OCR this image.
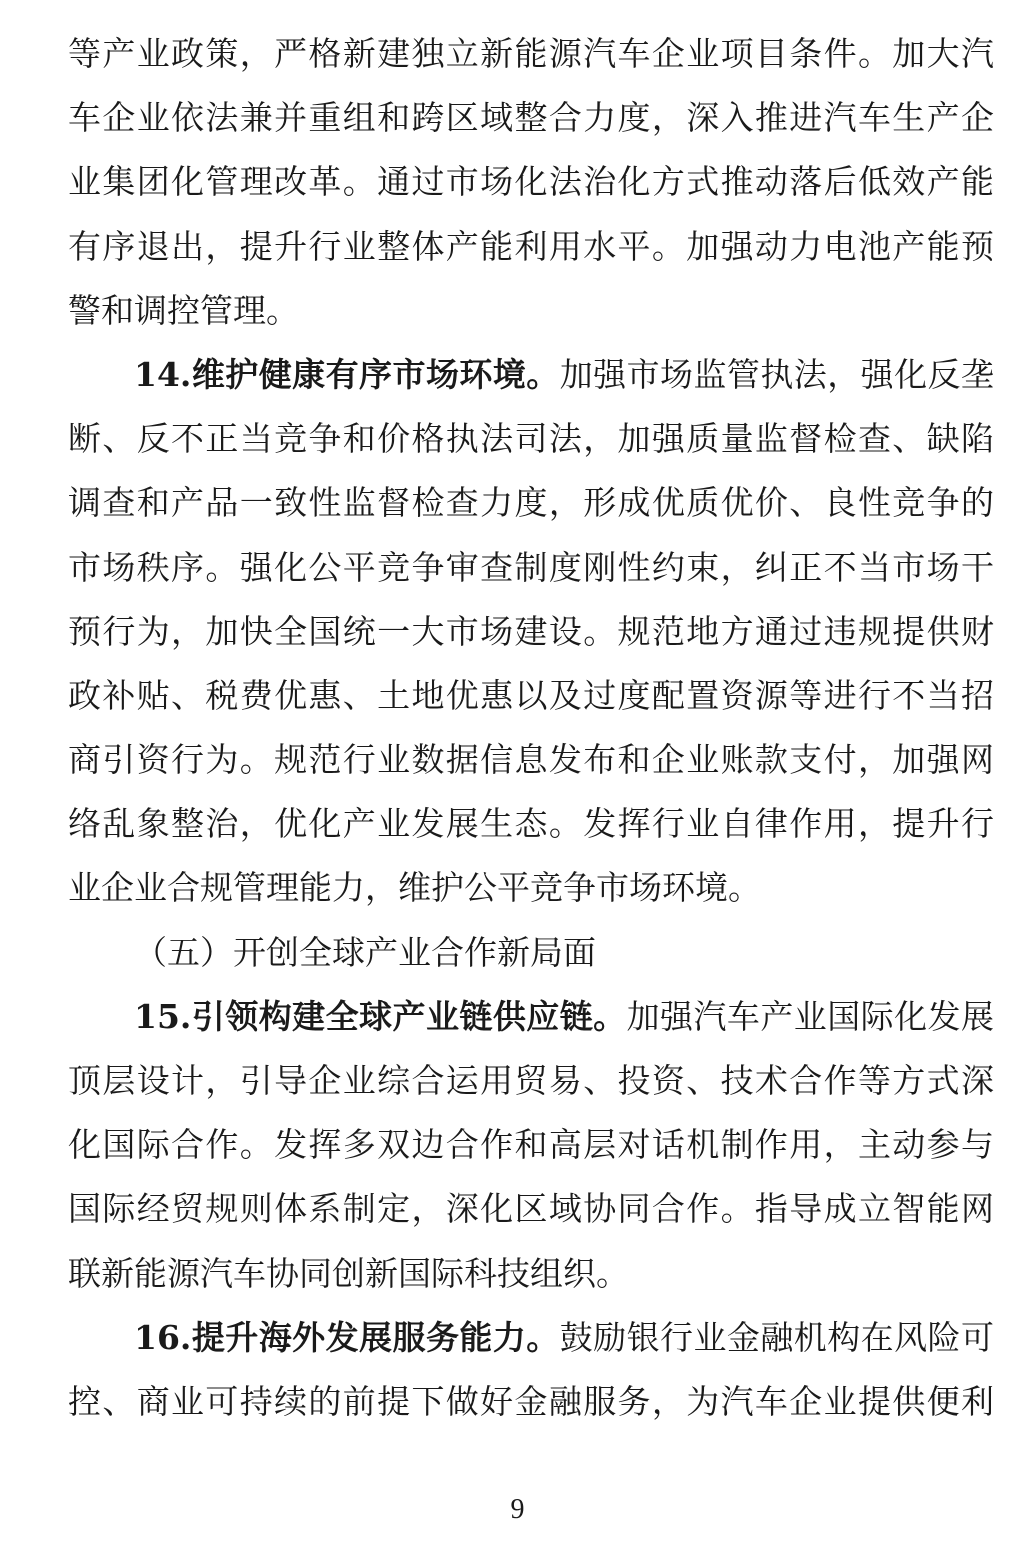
等产业政策，严格新建独立新能源汽车企业项目条件。加大汽
车企业依法兼并重组和跨区域整合力度，深入推进汽车生产企
业集团化管理改革。通过市场化法治化方式推动落后低效产能
有序退出，提升行业整体产能利用水平。加强动力电池产能预
警和调控管理。
14.维护健康有序市场环境。加强市场监管执法，强化反垄
断、反不正当竞争和价格执法司法，加强质量监督检查、缺陷
调查和产品一致性监督检查力度，形成优质优价、良性竞争的
市场秩序。强化公平竞争审查制度刚性约束，纠正不当市场干
预行为，加快全国统一大市场建设。规范地方通过违规提供财
政补贴、税费优惠、土地优惠以及过度配置资源等进行不当招
商引资行为。规范行业数据信息发布和企业账款支付，加强网
络乱象整治，优化产业发展生态。发挥行业自律作用，提升行
业企业合规管理能力，维护公平竞争市场环境。
（五）开创全球产业合作新局面
15.引领构建全球产业链供应链。加强汽车产业国际化发展
顶层设计，引导企业综合运用贸易、投资、技术合作等方式深
化国际合作。发挥多双边合作和高层对话机制作用，主动参与
国际经贸规则体系制定，深化区域协同合作。指导成立智能网
联新能源汽车协同创新国际科技组织。
16.提升海外发展服务能力。鼓励银行业金融机构在风险可
控、商业可持续的前提下做好金融服务，为汽车企业提供便利
9
